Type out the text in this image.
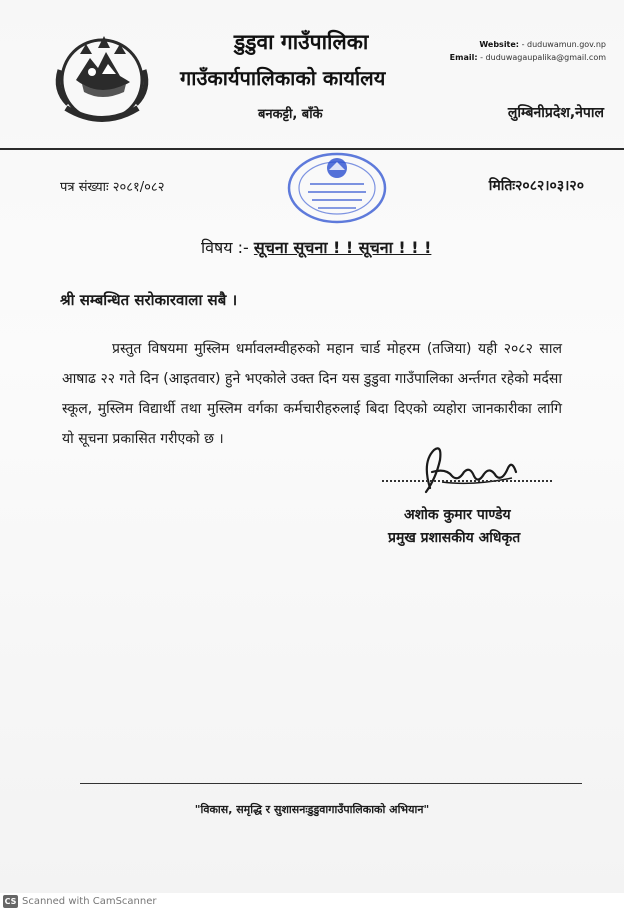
डुडुवा गाउँपालिका
गाउँकार्यपालिकाको कार्यालय
बनकट्टी, बाँके	लुम्बिनीप्रदेश,नेपाल
Website: - duduwamun.gov.np
Email: - duduwagaupalika@gmail.com
पत्र संख्याः २०८१/०८२	मितिः२०८२।०३।२०
विषय :- सूचना सूचना ! ! सूचना ! ! !
श्री सम्बन्धित सरोकारवाला सबै ।
प्रस्तुत विषयमा मुस्लिम धर्मावलम्वीहरुको महान चार्ड मोहरम (तजिया) यही २०८२ साल आषाढ २२ गते दिन (आइतवार) हुने भएकोले उक्त दिन यस डुडुवा गाउँपालिका अर्न्तगत रहेको मर्दसा स्कूल, मुस्लिम विद्यार्थी तथा मुस्लिम वर्गका कर्मचारीहरुलाई बिदा दिएको व्यहोरा जानकारीका लागि यो सूचना प्रकासित गरीएको छ ।
अशोक कुमार पाण्डेय
प्रमुख प्रशासकीय अधिकृत
"विकास, समृद्धि र सुशासनःडुडुवागाउँपालिकाको अभियान"
CS Scanned with CamScanner
